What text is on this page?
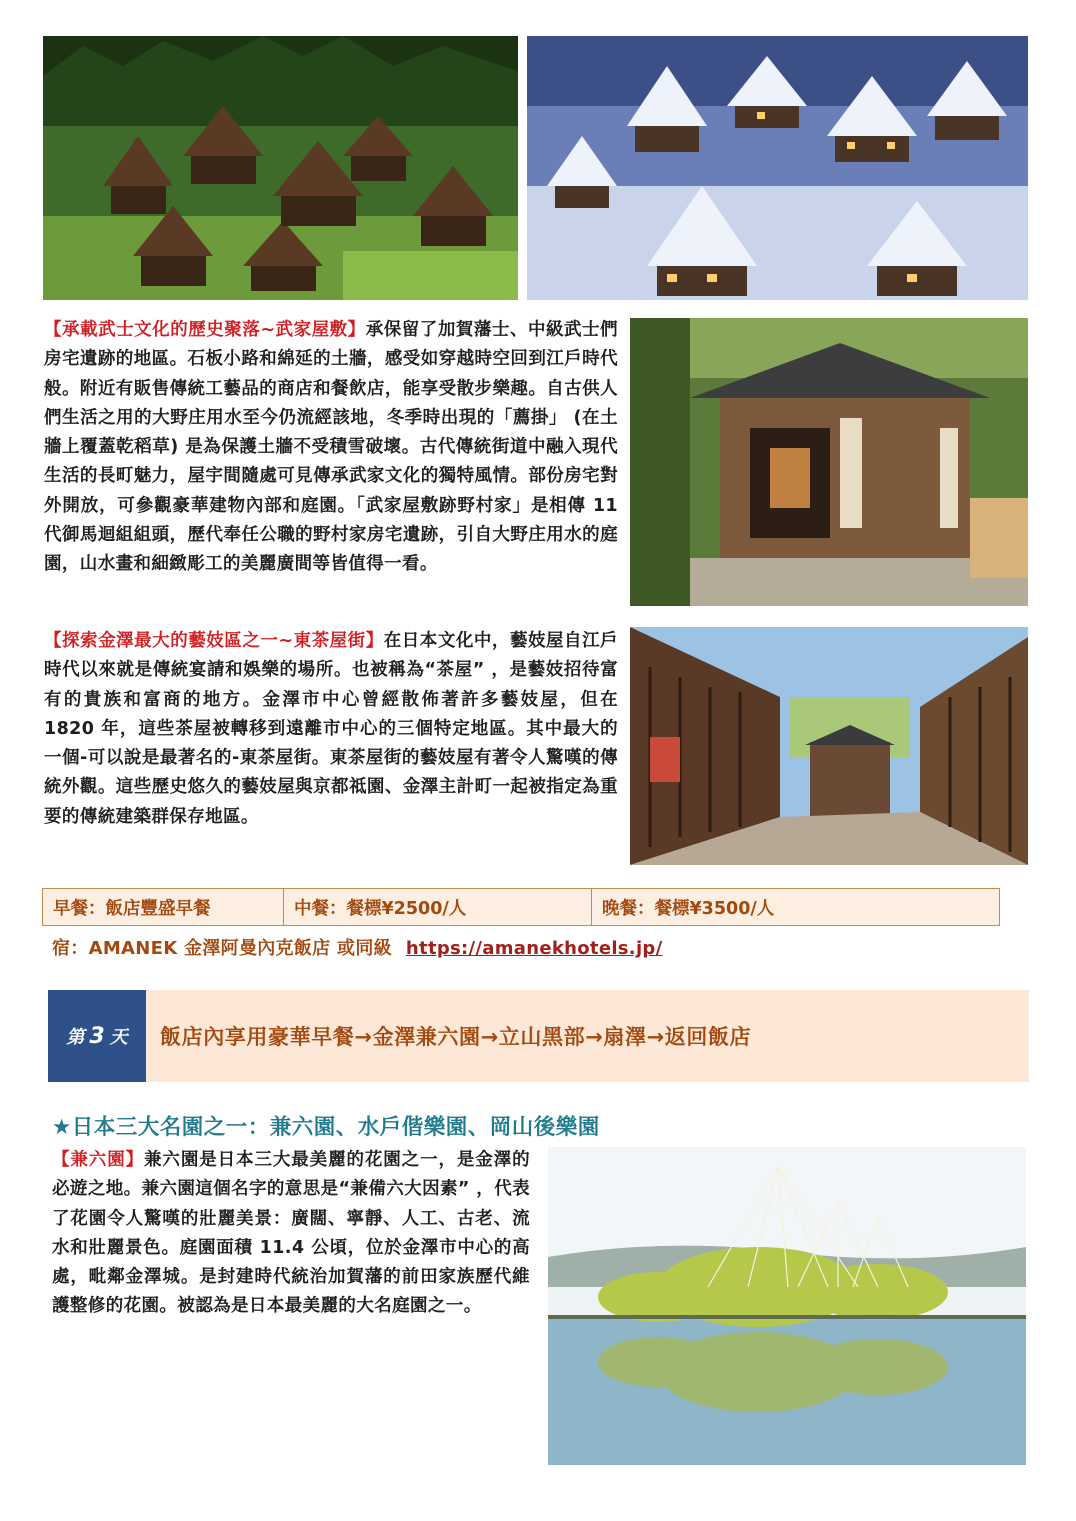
【承載武士文化的歷史聚落~武家屋敷】承保留了加賀藩士、中級武士們房宅遺跡的地區。石板小路和綿延的土牆，感受如穿越時空回到江戶時代般。附近有販售傳統工藝品的商店和餐飲店，能享受散步樂趣。自古供人們生活之用的大野庄用水至今仍流經該地，冬季時出現的「薦掛」 (在土牆上覆蓋乾稻草) 是為保護土牆不受積雪破壞。古代傳統街道中融入現代生活的長町魅力，屋宇間隨處可見傳承武家文化的獨特風情。部份房宅對外開放，可參觀豪華建物內部和庭園。「武家屋敷跡野村家」是相傳 11 代御馬迴組組頭，歷代奉任公職的野村家房宅遺跡，引自大野庄用水的庭園，山水畫和細緻彫工的美麗廣間等皆值得一看。

【探索金澤最大的藝妓區之一~東茶屋街】在日本文化中，藝妓屋自江戶時代以來就是傳統宴請和娛樂的場所。也被稱為“茶屋” ，是藝妓招待富有的貴族和富商的地方。金澤市中心曾經散佈著許多藝妓屋，但在 1820 年，這些茶屋被轉移到遠離市中心的三個特定地區。其中最大的一個-可以說是最著名的-東茶屋街。東茶屋街的藝妓屋有著令人驚嘆的傳統外觀。這些歷史悠久的藝妓屋與京都祗園、金澤主計町一起被指定為重要的傳統建築群保存地區。

早餐：飯店豐盛早餐	中餐：餐標¥2500/人	晚餐：餐標¥3500/人
宿：AMANEK 金澤阿曼內克飯店 或同級 https://amanekhotels.jp/
第 3 天 飯店內享用豪華早餐→金澤兼六園→立山黑部→扇澤→返回飯店
★日本三大名園之一：兼六園、水戶偕樂園、岡山後樂園

【兼六園】兼六園是日本三大最美麗的花園之一，是金澤的必遊之地。兼六園這個名字的意思是“兼備六大因素” ，代表了花園令人驚嘆的壯麗美景：廣闊、寧靜、人工、古老、流水和壯麗景色。庭園面積 11.4 公頃，位於金澤市中心的高處，毗鄰金澤城。是封建時代統治加賀藩的前田家族歷代維護整修的花園。被認為是日本最美麗的大名庭園之一。
